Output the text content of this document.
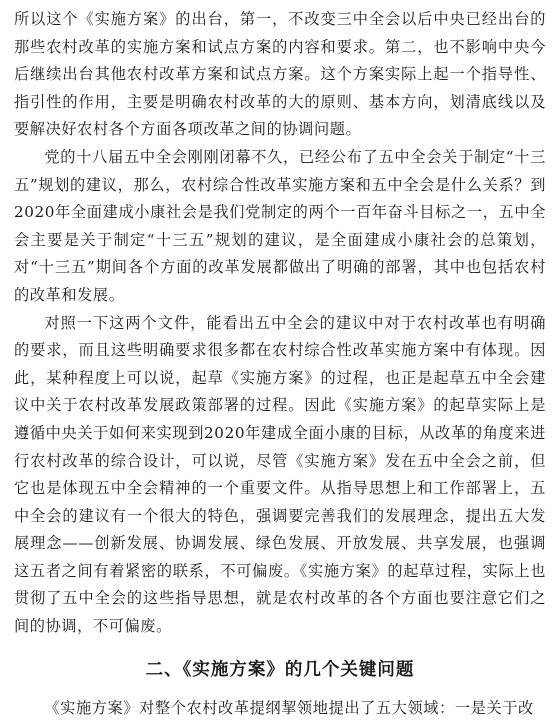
所以这个《实施方案》的出台，第一，不改变三中全会以后中央已经出台的那些农村改革的实施方案和试点方案的内容和要求。第二，也不影响中央今后继续出台其他农村改革方案和试点方案。这个方案实际上起一个指导性、指引性的作用，主要是明确农村改革的大的原则、基本方向，划清底线以及要解决好农村各个方面各项改革之间的协调问题。

党的十八届五中全会刚刚闭幕不久，已经公布了五中全会关于制定“十三五”规划的建议，那么，农村综合性改革实施方案和五中全会是什么关系？到2020年全面建成小康社会是我们党制定的两个一百年奋斗目标之一，五中全会主要是关于制定“十三五”规划的建议，是全面建成小康社会的总策划，对“十三五”期间各个方面的改革发展都做出了明确的部署，其中也包括农村的改革和发展。

对照一下这两个文件，能看出五中全会的建议中对于农村改革也有明确的要求，而且这些明确要求很多都在农村综合性改革实施方案中有体现。因此，某种程度上可以说，起草《实施方案》的过程，也正是起草五中全会建议中关于农村改革发展政策部署的过程。因此《实施方案》的起草实际上是遵循中央关于如何来实现到2020年建成全面小康的目标，从改革的角度来进行农村改革的综合设计，可以说，尽管《实施方案》发在五中全会之前，但它也是体现五中全会精神的一个重要文件。从指导思想上和工作部署上，五中全会的建议有一个很大的特色，强调要完善我们的发展理念，提出五大发展理念——创新发展、协调发展、绿色发展、开放发展、共享发展，也强调这五者之间有着紧密的联系，不可偏废。《实施方案》的起草过程，实际上也贯彻了五中全会的这些指导思想，就是农村改革的各个方面也要注意它们之间的协调，不可偏废。

二、《实施方案》的几个关键问题

《实施方案》对整个农村改革提纲挈领地提出了五大领域：一是关于改
